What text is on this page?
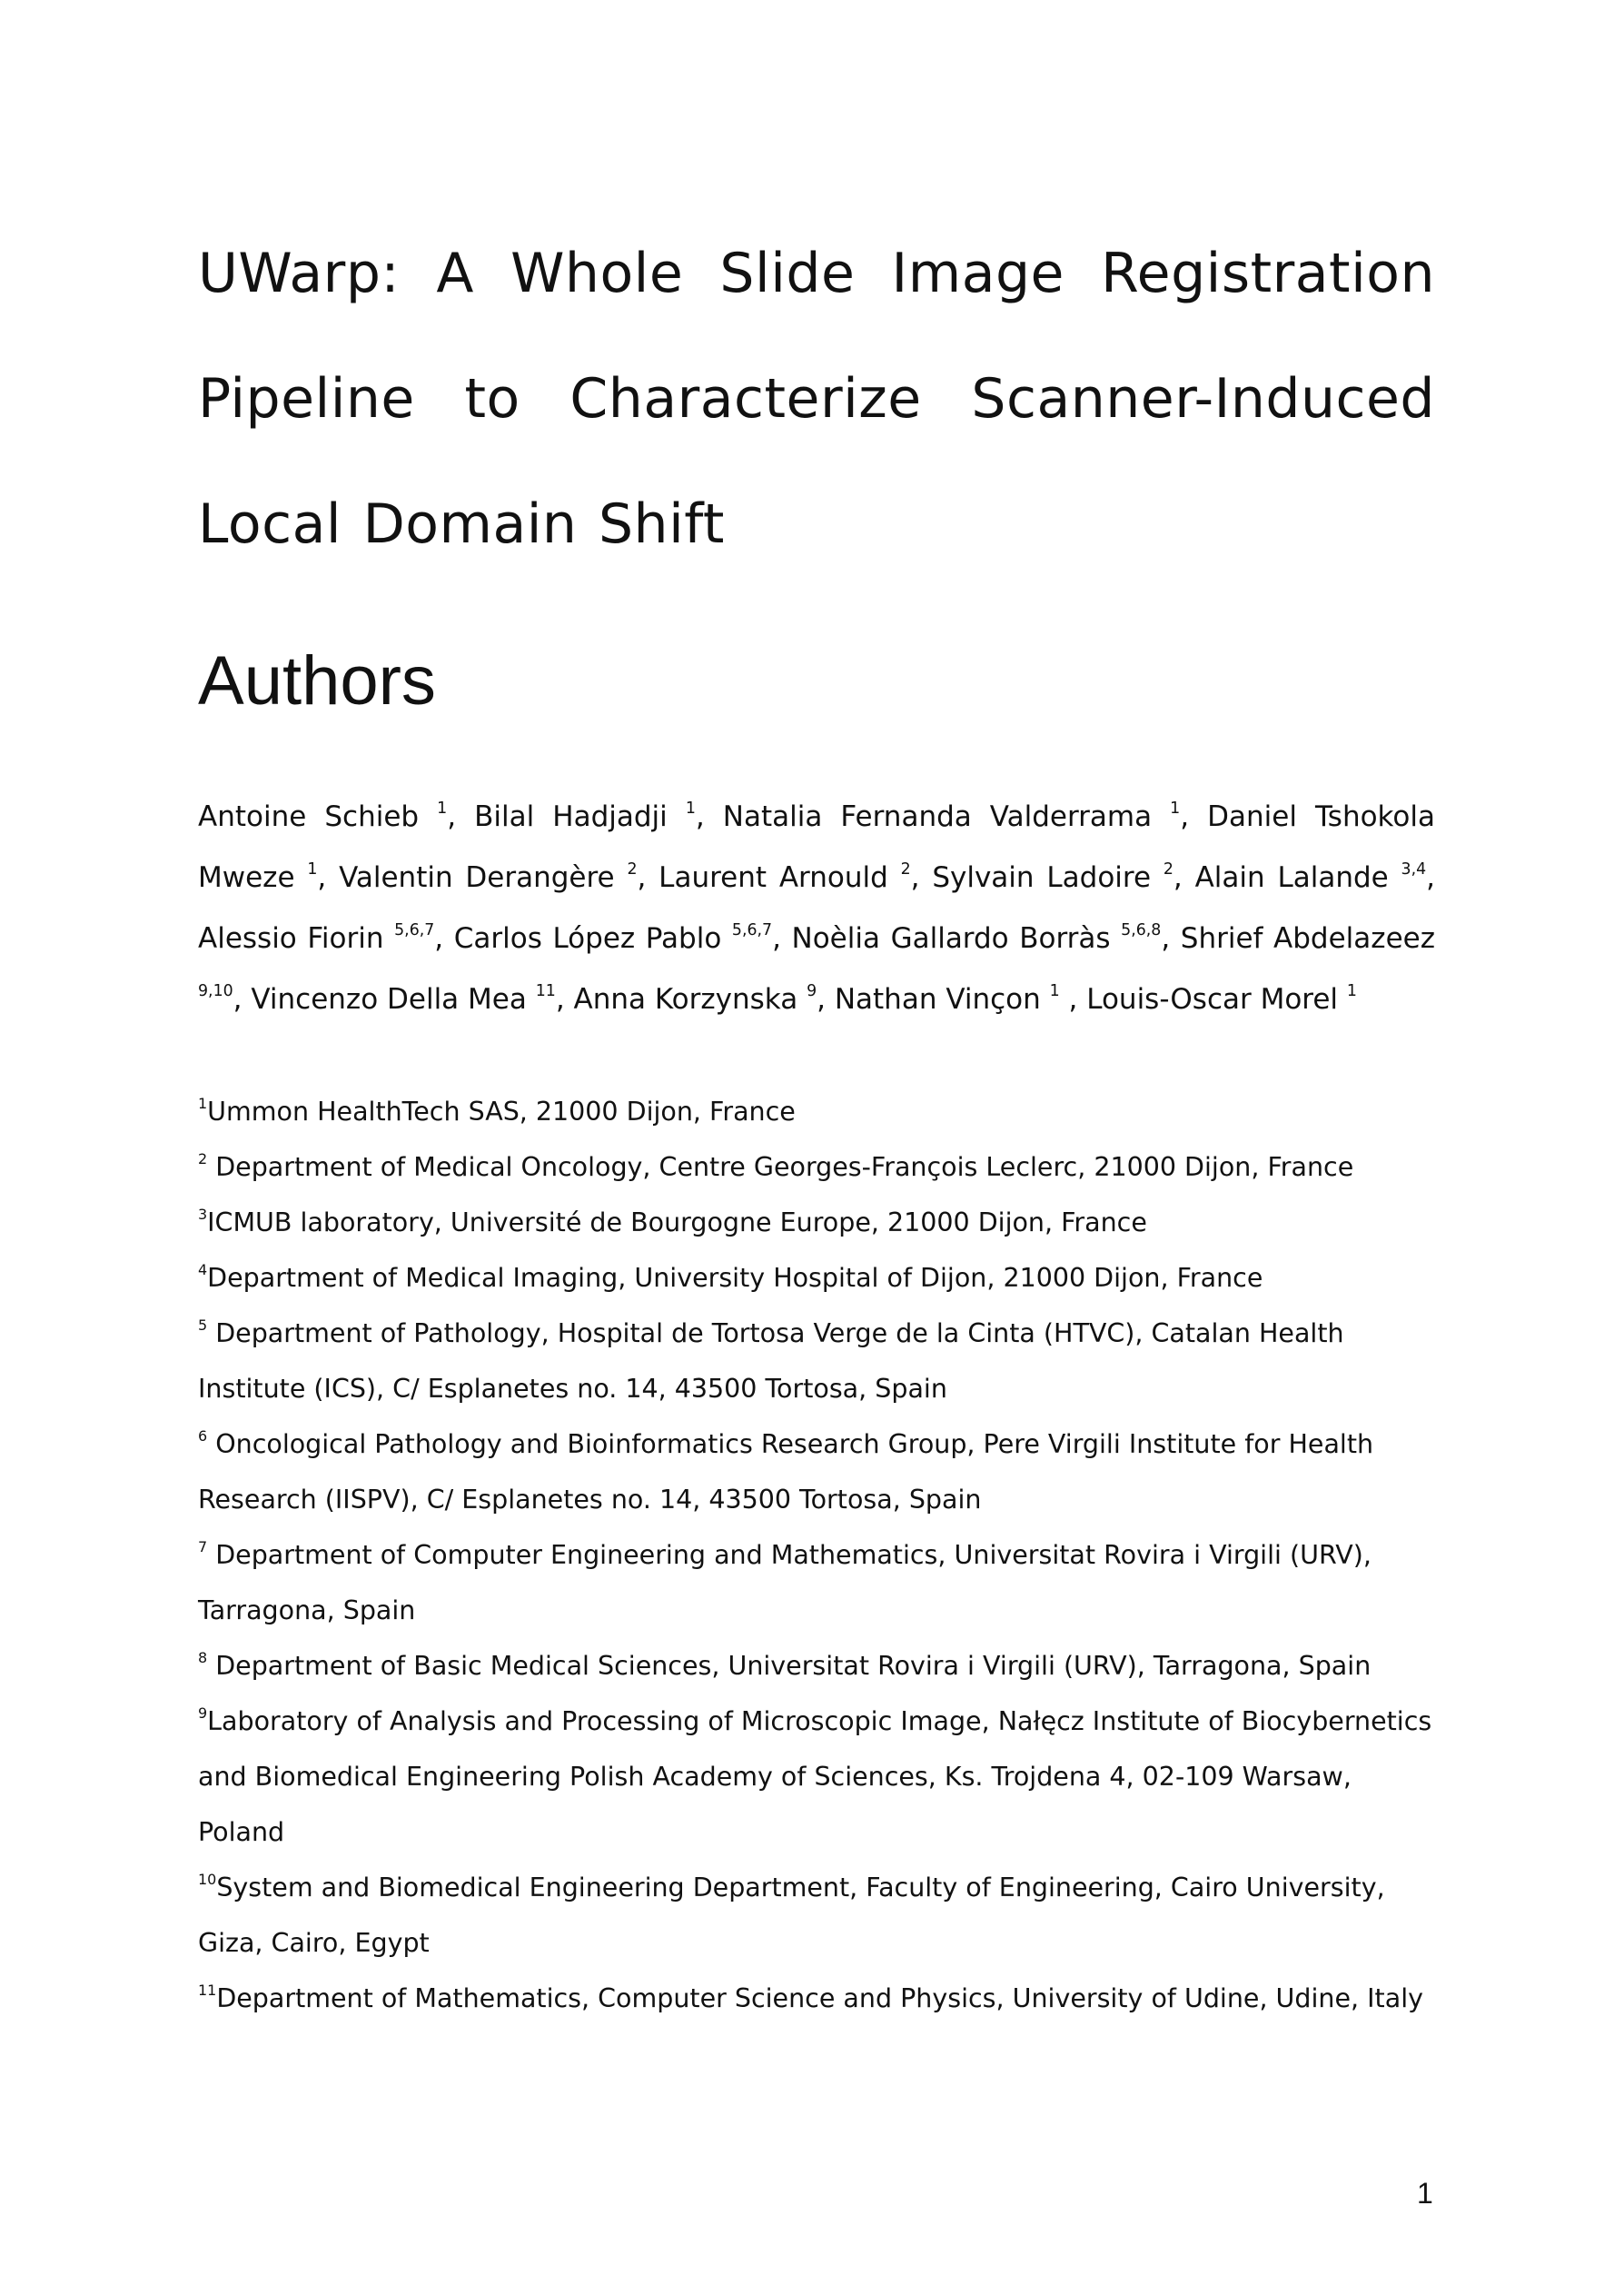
UWarp: A Whole Slide Image Registration Pipeline to Characterize Scanner-Induced Local Domain Shift
Authors

Antoine Schieb $^1$, Bilal Hadjadji $^1$, Natalia Fernanda Valderrama $^1$, Daniel Tshokola Mweze $^1$, Valentin Derangère $^2$, Laurent Arnould $^2$, Sylvain Ladoire $^2$, Alain Lalande $^{3,4}$, Alessio Fiorin $^{5,6,7}$, Carlos López Pablo $^{5,6,7}$, Noèlia Gallardo Borràs $^{5,6,8}$, Shrief Abdelazeez $^{9,10}$, Vincenzo Della Mea $^{11}$, Anna Korzynska $^9$, Nathan Vinçon $^1$ , Louis-Oscar Morel $^1$

$^1$Ummon HealthTech SAS, 21000 Dijon, France
$^2$ Department of Medical Oncology, Centre Georges-François Leclerc, 21000 Dijon, France
$^3$ICMUB laboratory, Université de Bourgogne Europe, 21000 Dijon, France
$^4$Department of Medical Imaging, University Hospital of Dijon, 21000 Dijon, France
$^5$ Department of Pathology, Hospital de Tortosa Verge de la Cinta (HTVC), Catalan Health Institute (ICS), C/ Esplanetes no. 14, 43500 Tortosa, Spain
$^6$ Oncological Pathology and Bioinformatics Research Group, Pere Virgili Institute for Health Research (IISPV), C/ Esplanetes no. 14, 43500 Tortosa, Spain
$^7$ Department of Computer Engineering and Mathematics, Universitat Rovira i Virgili (URV), Tarragona, Spain
$^8$ Department of Basic Medical Sciences, Universitat Rovira i Virgili (URV), Tarragona, Spain
$^9$Laboratory of Analysis and Processing of Microscopic Image, Nałęcz Institute of Biocybernetics and Biomedical Engineering Polish Academy of Sciences, Ks. Trojdena 4, 02-109 Warsaw, Poland
$^{10}$System and Biomedical Engineering Department, Faculty of Engineering, Cairo University, Giza, Cairo, Egypt
$^{11}$Department of Mathematics, Computer Science and Physics, University of Udine, Udine, Italy
1
